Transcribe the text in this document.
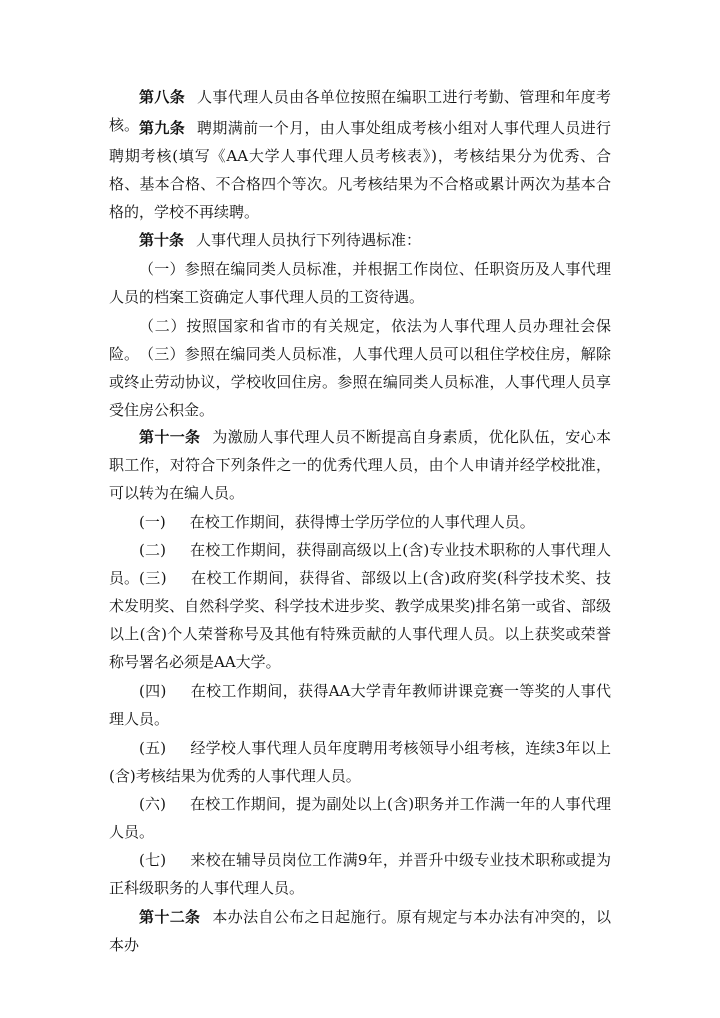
第八条 人事代理人员由各单位按照在编职工进行考勤、管理和年度考核。 第九条 聘期满前一个月，由人事处组成考核小组对人事代理人员进行聘期考核(填写《AA大学人事代理人员考核表》)，考核结果分为优秀、合格、基本合格、不合格四个等次。凡考核结果为不合格或累计两次为基本合格的，学校不再续聘。

第十条 人事代理人员执行下列待遇标准：

（一）参照在编同类人员标准，并根据工作岗位、任职资历及人事代理人员的档案工资确定人事代理人员的工资待遇。

（二）按照国家和省市的有关规定，依法为人事代理人员办理社会保险。 （三）参照在编同类人员标准，人事代理人员可以租住学校住房，解除或终止劳动协议，学校收回住房。参照在编同类人员标准，人事代理人员享受住房公积金。

第十一条 为激励人事代理人员不断提高自身素质，优化队伍，安心本职工作，对符合下列条件之一的优秀代理人员，由个人申请并经学校批准，可以转为在编人员。

(一) 在校工作期间，获得博士学历学位的人事代理人员。

(二) 在校工作期间，获得副高级以上(含)专业技术职称的人事代理人员。 (三) 在校工作期间，获得省、部级以上(含)政府奖(科学技术奖、技术发明奖、自然科学奖、科学技术进步奖、教学成果奖)排名第一或省、部级以上(含)个人荣誉称号及其他有特殊贡献的人事代理人员。以上获奖或荣誉称号署名必须是AA大学。

(四) 在校工作期间，获得AA大学青年教师讲课竞赛一等奖的人事代理人员。

(五) 经学校人事代理人员年度聘用考核领导小组考核，连续3年以上(含)考核结果为优秀的人事代理人员。

(六) 在校工作期间，提为副处以上(含)职务并工作满一年的人事代理人员。

(七) 来校在辅导员岗位工作满9年，并晋升中级专业技术职称或提为正科级职务的人事代理人员。

第十二条 本办法自公布之日起施行。原有规定与本办法有冲突的，以本办
